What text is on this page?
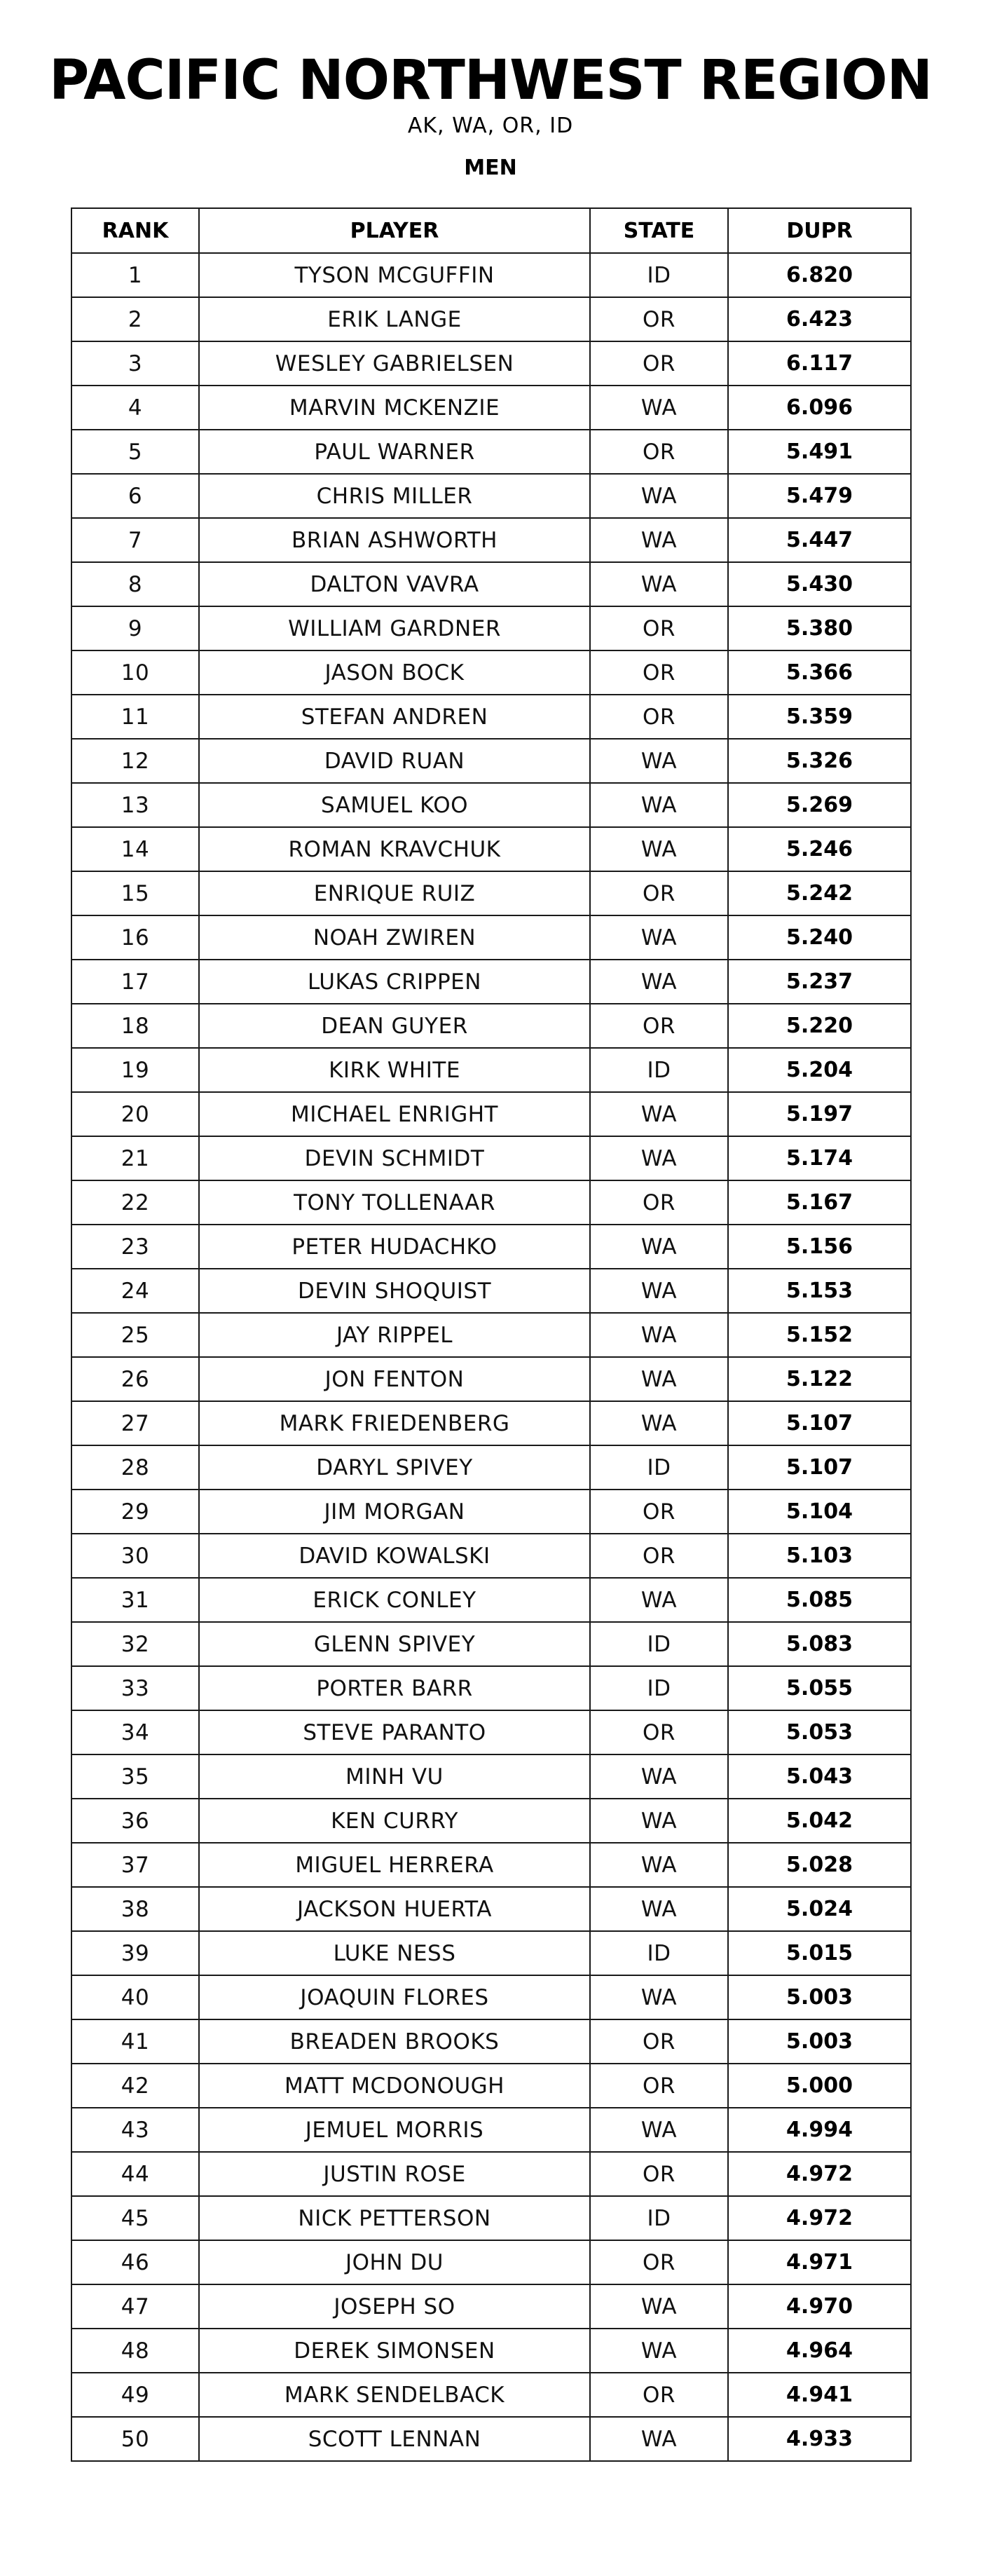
PACIFIC NORTHWEST REGION
AK, WA, OR, ID
MEN
RANK	PLAYER	STATE	DUPR
1	TYSON MCGUFFIN	ID	6.820
2	ERIK LANGE	OR	6.423
3	WESLEY GABRIELSEN	OR	6.117
4	MARVIN MCKENZIE	WA	6.096
5	PAUL WARNER	OR	5.491
6	CHRIS MILLER	WA	5.479
7	BRIAN ASHWORTH	WA	5.447
8	DALTON VAVRA	WA	5.430
9	WILLIAM GARDNER	OR	5.380
10	JASON BOCK	OR	5.366
11	STEFAN ANDREN	OR	5.359
12	DAVID RUAN	WA	5.326
13	SAMUEL KOO	WA	5.269
14	ROMAN KRAVCHUK	WA	5.246
15	ENRIQUE RUIZ	OR	5.242
16	NOAH ZWIREN	WA	5.240
17	LUKAS CRIPPEN	WA	5.237
18	DEAN GUYER	OR	5.220
19	KIRK WHITE	ID	5.204
20	MICHAEL ENRIGHT	WA	5.197
21	DEVIN SCHMIDT	WA	5.174
22	TONY TOLLENAAR	OR	5.167
23	PETER HUDACHKO	WA	5.156
24	DEVIN SHOQUIST	WA	5.153
25	JAY RIPPEL	WA	5.152
26	JON FENTON	WA	5.122
27	MARK FRIEDENBERG	WA	5.107
28	DARYL SPIVEY	ID	5.107
29	JIM MORGAN	OR	5.104
30	DAVID KOWALSKI	OR	5.103
31	ERICK CONLEY	WA	5.085
32	GLENN SPIVEY	ID	5.083
33	PORTER BARR	ID	5.055
34	STEVE PARANTO	OR	5.053
35	MINH VU	WA	5.043
36	KEN CURRY	WA	5.042
37	MIGUEL HERRERA	WA	5.028
38	JACKSON HUERTA	WA	5.024
39	LUKE NESS	ID	5.015
40	JOAQUIN FLORES	WA	5.003
41	BREADEN BROOKS	OR	5.003
42	MATT MCDONOUGH	OR	5.000
43	JEMUEL MORRIS	WA	4.994
44	JUSTIN ROSE	OR	4.972
45	NICK PETTERSON	ID	4.972
46	JOHN DU	OR	4.971
47	JOSEPH SO	WA	4.970
48	DEREK SIMONSEN	WA	4.964
49	MARK SENDELBACK	OR	4.941
50	SCOTT LENNAN	WA	4.933
